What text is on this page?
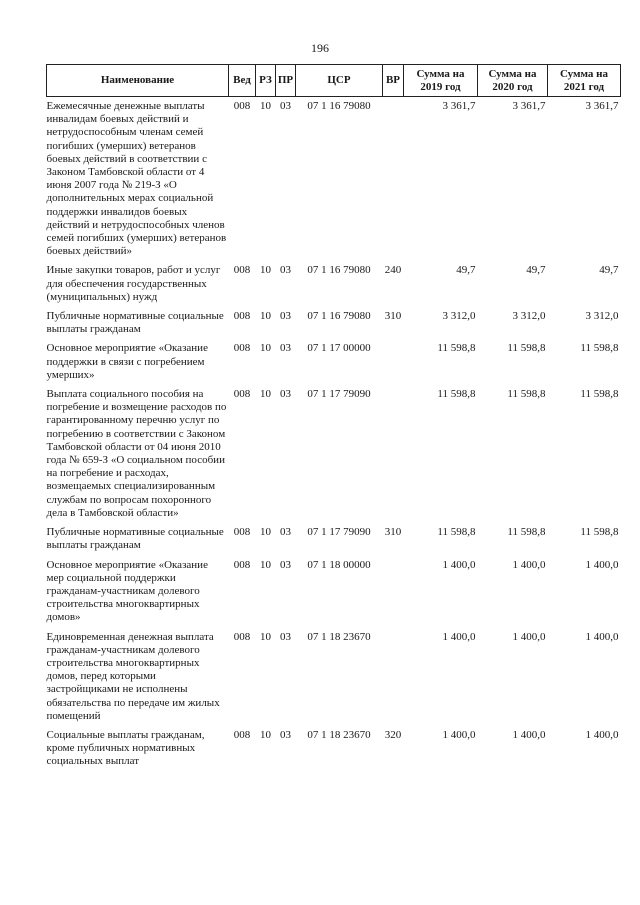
196
Наименование	Вед	РЗ	ПР	ЦСР	ВР	Сумма на 2019 год	Сумма на 2020 год	Сумма на 2021 год
Ежемесячные денежные выплаты инвалидам боевых действий и нетрудоспособным членам семей погибших (умерших) ветеранов боевых действий в соответствии с Законом Тамбовской области от 4 июня 2007 года № 219-З «О дополнительных мерах социальной поддержки инвалидов боевых действий и нетрудоспособных членов семей погибших (умерших) ветеранов боевых действий»	008	10	03	07 1 16 79080		3 361,7	3 361,7	3 361,7
Иные закупки товаров, работ и услуг для обеспечения государственных (муниципальных) нужд	008	10	03	07 1 16 79080	240	49,7	49,7	49,7
Публичные нормативные социальные выплаты гражданам	008	10	03	07 1 16 79080	310	3 312,0	3 312,0	3 312,0
Основное мероприятие «Оказание поддержки в связи с погребением умерших»	008	10	03	07 1 17 00000		11 598,8	11 598,8	11 598,8
Выплата социального пособия на погребение и возмещение расходов по гарантированному перечню услуг по погребению в соответствии с Законом Тамбовской области от 04 июня 2010 года № 659-З «О социальном пособии на погребение и расходах, возмещаемых специализированным службам по вопросам похоронного дела в Тамбовской области»	008	10	03	07 1 17 79090		11 598,8	11 598,8	11 598,8
Публичные нормативные социальные выплаты гражданам	008	10	03	07 1 17 79090	310	11 598,8	11 598,8	11 598,8
Основное мероприятие «Оказание мер социальной поддержки гражданам-участникам долевого строительства многоквартирных домов»	008	10	03	07 1 18 00000		1 400,0	1 400,0	1 400,0
Единовременная денежная выплата гражданам-участникам долевого строительства многоквартирных домов, перед которыми застройщиками не исполнены обязательства по передаче им жилых помещений	008	10	03	07 1 18 23670		1 400,0	1 400,0	1 400,0
Социальные выплаты гражданам, кроме публичных нормативных социальных выплат	008	10	03	07 1 18 23670	320	1 400,0	1 400,0	1 400,0
